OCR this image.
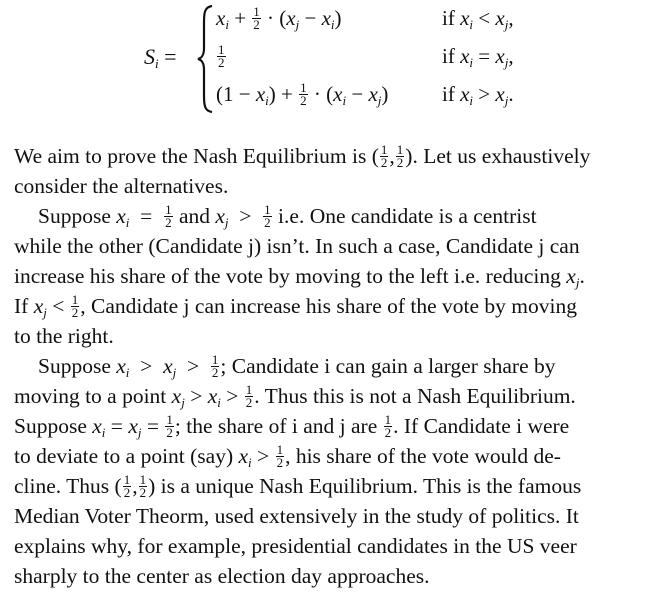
$S_i$ =
$x_i + \frac{1}{2} \cdot (x_j - x_i)$	if $x_i < x_j$,
$\frac{1}{2}$	if $x_i = x_j$,
$(1 - x_i) + \frac{1}{2} \cdot (x_i - x_j)$	if $x_i > x_j$.
We aim to prove the Nash Equilibrium is ( $\frac{1}{2}$ , $\frac{1}{2}$ ). Let us exhaustively
consider the alternatives.
Suppose $x_i = \frac{1}{2}$ and $x_j > \frac{1}{2} i.e$. One candidate is a centrist
while the other (Candidate j) isn’t. In such a case, Candidate j can
increase his share of the vote by moving to the left i.e. reducing $x_j$.
If $x_j < \frac{1}{2}$ , Candidate j can increase his share of the vote by moving
to the right.
Suppose $x_i > x_j > \frac{1}{2}$ ; Candidate i can gain a larger share by
moving to a point $x_j > x_i > \frac{1}{2}$ . Thus this is not a Nash Equilibrium.
Suppose $x_i = x_j = \frac{1}{2}$ ; the share of i and j are $\frac{1}{2}$ . If Candidate i were
to deviate to a point (say) $x_i > \frac{1}{2}$ , his share of the vote would de-
cline. Thus ( $\frac{1}{2}$ , $\frac{1}{2}$ ) is a unique Nash Equilibrium. This is the famous
Median Voter Theorm, used extensively in the study of politics. It
explains why, for example, presidential candidates in the US veer
sharply to the center as election day approaches.
